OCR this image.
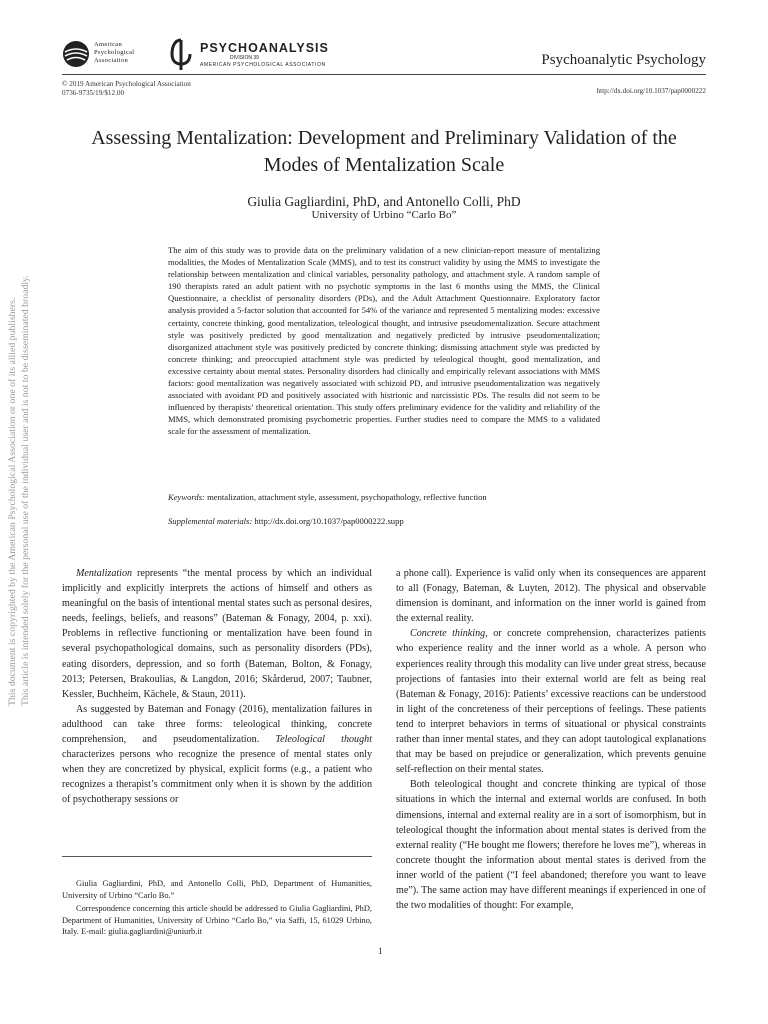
American
Psychological
Association
PSYCHOANALYSIS
DIVISION 39
AMERICAN PSYCHOLOGICAL ASSOCIATION	Psychoanalytic Psychology
© 2019 American Psychological Association
0736-9735/19/$12.00	http://dx.doi.org/10.1037/pap0000222
Assessing Mentalization: Development and Preliminary Validation of the
Modes of Mentalization Scale
Giulia Gagliardini, PhD, and Antonello Colli, PhD
University of Urbino “Carlo Bo”
The aim of this study was to provide data on the preliminary validation of a new clinician-report measure of mentalizing modalities, the Modes of Mentalization Scale (MMS), and to test its construct validity by using the MMS to investigate the relationship between mentalization and clinical variables, personality pathology, and attachment style. A random sample of 190 therapists rated an adult patient with no psychotic symptoms in the last 6 months using the MMS, the Clinical Questionnaire, a checklist of personality disorders (PDs), and the Adult Attachment Questionnaire. Exploratory factor analysis provided a 5-factor solution that accounted for 54% of the variance and represented 5 mentalizing modes: excessive certainty, concrete thinking, good mentalization, teleological thought, and intrusive pseudomentalization. Secure attachment style was positively predicted by good mentalization and negatively predicted by intrusive pseudomentalization; disorganized attachment style was positively predicted by concrete thinking; dismissing attachment style was predicted by concrete thinking; and preoccupied attachment style was predicted by teleological thought, good mentalization, and excessive certainty about mental states. Personality disorders had clinically and empirically relevant associations with MMS factors: good mentalization was negatively associated with schizoid PD, and intrusive pseudomentalization was negatively associated with avoidant PD and positively associated with histrionic and narcissistic PDs. The results did not seem to be influenced by therapists’ theoretical orientation. This study offers preliminary evidence for the validity and reliability of the MMS, which demonstrated promising psychometric properties. Further studies need to compare the MMS to a validated scale for the assessment of mentalization.
Keywords: mentalization, attachment style, assessment, psychopathology, reflective function
Supplemental materials: http://dx.doi.org/10.1037/pap0000222.supp

Mentalization represents “the mental process by which an individual implicitly and explicitly interprets the actions of himself and others as meaningful on the basis of intentional mental states such as personal desires, needs, feelings, beliefs, and reasons” (Bateman & Fonagy, 2004, p. xxi). Problems in reflective functioning or mentalization have been found in several psychopathological domains, such as personality disorders (PDs), eating disorders, depression, and so forth (Bateman, Bolton, & Fonagy, 2013; Petersen, Brakoulias, & Langdon, 2016; Skårderud, 2007; Taubner, Kessler, Buchheim, Kächele, & Staun, 2011).

As suggested by Bateman and Fonagy (2016), mentalization failures in adulthood can take three forms: teleological thinking, concrete comprehension, and pseudomentalization. Teleological thought characterizes persons who recognize the presence of mental states only when they are concretized by physical, explicit forms (e.g., a patient who recognizes a therapist’s commitment only when it is shown by the addition of psychotherapy sessions or

a phone call). Experience is valid only when its consequences are apparent to all (Fonagy, Bateman, & Luyten, 2012). The physical and observable dimension is dominant, and information on the inner world is gained from the external reality.

Concrete thinking, or concrete comprehension, characterizes patients who experience reality and the inner world as a whole. A person who experiences reality through this modality can live under great stress, because projections of fantasies into their external world are felt as being real (Bateman & Fonagy, 2016): Patients’ excessive reactions can be understood in light of the concreteness of their perceptions of feelings. These patients tend to interpret behaviors in terms of situational or physical constraints rather than inner mental states, and they can adopt tautological explanations that may be based on prejudice or generalization, which prevents genuine self-reflection on their mental states.

Both teleological thought and concrete thinking are typical of those situations in which the internal and external worlds are confused. In both dimensions, internal and external reality are in a sort of isomorphism, but in teleological thought the information about mental states is derived from the external reality (“He bought me flowers; therefore he loves me”), whereas in concrete thought the information about mental states is derived from the inner world of the patient (“I feel abandoned; therefore you want to leave me”). The same action may have different meanings if experienced in one of the two modalities of thought: For example,

Giulia Gagliardini, PhD, and Antonello Colli, PhD, Department of Humanities, University of Urbino “Carlo Bo.”

Correspondence concerning this article should be addressed to Giulia Gagliardini, PhD, Department of Humanities, University of Urbino “Carlo Bo,” via Saffi, 15, 61029 Urbino, Italy. E-mail: giulia.gagliardini@uniurb.it

1
This document is copyrighted by the American Psychological Association or one of its allied publishers. This article is intended solely for the personal use of the individual user and is not to be disseminated broadly.
